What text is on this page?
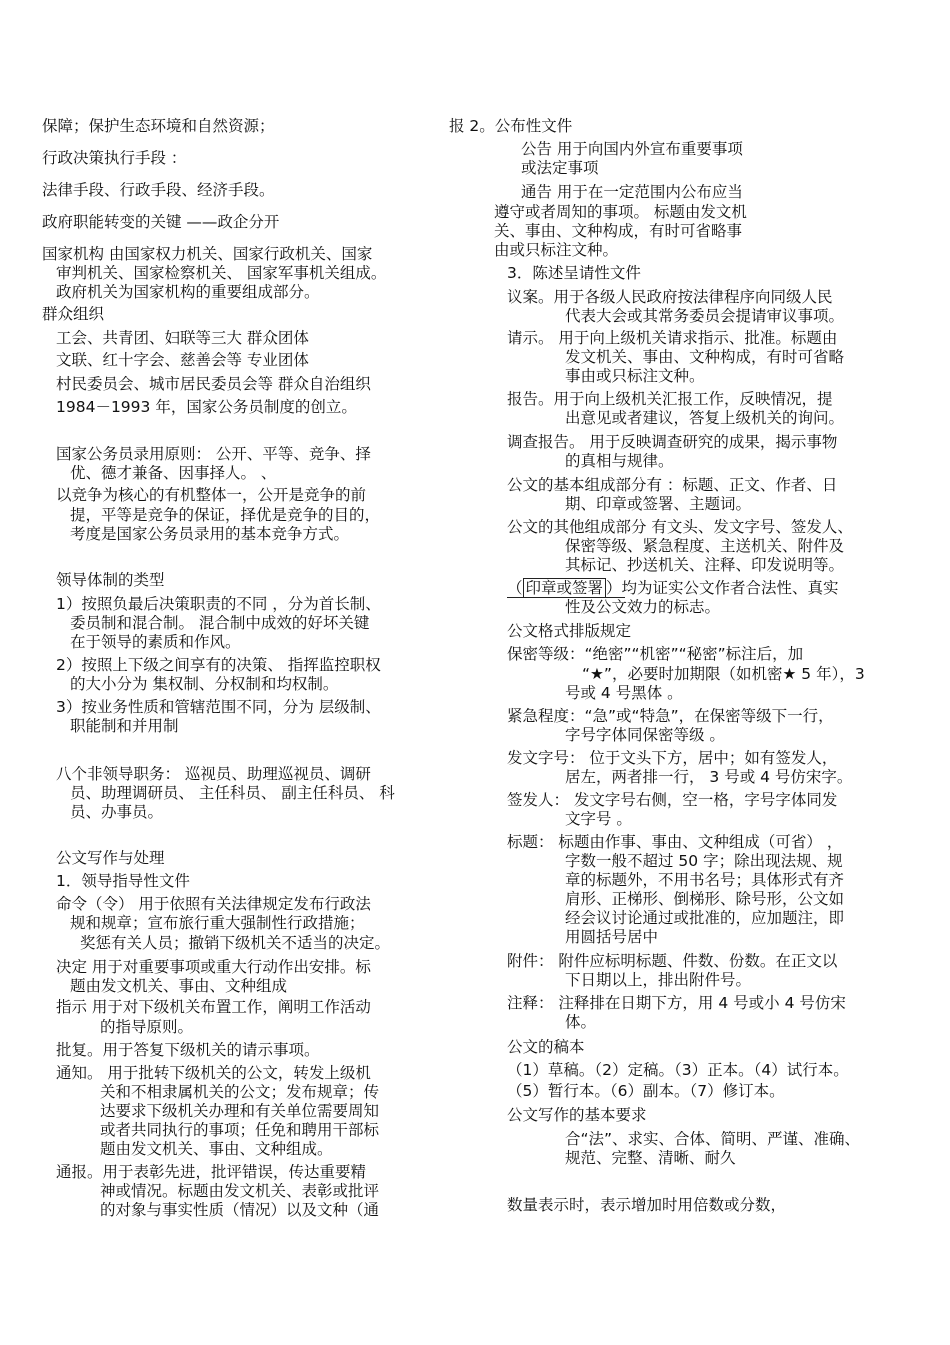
保障；保护生态环境和自然资源；
行政决策执行手段 ：
法律手段、行政手段、经济手段。
政府职能转变的关键 ——政企分开
国家机构 由国家权力机关、国家行政机关、国家
审判机关、国家检察机关、 国家军事机关组成。
政府机关为国家机构的重要组成部分。
群众组织
工会、共青团、妇联等三大 群众团体
文联、红十字会、慈善会等 专业团体
村民委员会、城市居民委员会等 群众自治组织
1984－1993 年，国家公务员制度的创立。
国家公务员录用原则： 公开、平等、竞争、择
优、德才兼备、因事择人。 、
以竞争为核心的有机整体一，公开是竞争的前
提，平等是竞争的保证，择优是竞争的目的，
考度是国家公务员录用的基本竞争方式。
领导体制的类型
1）按照负最后决策职责的不同 ，分为首长制、
委员制和混合制。 混合制中成效的好坏关键
在于领导的素质和作风。
2）按照上下级之间享有的决策、 指挥监控职权
的大小分为 集权制、分权制和均权制。
3）按业务性质和管辖范围不同，分为 层级制、
职能制和并用制
八个非领导职务： 巡视员、助理巡视员、调研
员、助理调研员、 主任科员、 副主任科员、 科
员、办事员。
公文写作与处理
1．领导指导性文件
命令（令） 用于依照有关法律规定发布行政法
规和规章；宣布旅行重大强制性行政措施；
奖惩有关人员；撤销下级机关不适当的决定。
决定 用于对重要事项或重大行动作出安排。标
题由发文机关、事由、文种组成
指示 用于对下级机关布置工作，阐明工作活动
的指导原则。
批复。用于答复下级机关的请示事项。
通知。 用于批转下级机关的公文，转发上级机
关和不相隶属机关的公文；发布规章；传
达要求下级机关办理和有关单位需要周知
或者共同执行的事项；任免和聘用干部标
题由发文机关、事由、文种组成。
通报。用于表彰先进，批评错误，传达重要精
神或情况。标题由发文机关、表彰或批评
的对象与事实性质（情况）以及文种（通
报 2。公布性文件
公告 用于向国内外宣布重要事项
或法定事项
通告 用于在一定范围内公布应当
遵守或者周知的事项。 标题由发文机
关、事由、文种构成，有时可省略事
由或只标注文种。
3．陈述呈请性文件
议案。用于各级人民政府按法律程序向同级人民
代表大会或其常务委员会提请审议事项。
请示。 用于向上级机关请求指示、批准。标题由
发文机关、事由、文种构成，有时可省略
事由或只标注文种。
报告。用于向上级机关汇报工作，反映情况，提
出意见或者建议，答复上级机关的询问。
调查报告。 用于反映调查研究的成果，揭示事物
的真相与规律。
公文的基本组成部分有 ：标题、正文、作者、日
期、印章或签署、主题词。
公文的其他组成部分 有文头、发文字号、签发人、
保密等级、紧急程度、主送机关、附件及
其标记、抄送机关、注释、印发说明等。
（ 印章或签署 ）均为证实公文作者合法性、真实
性及公文效力的标志。
公文格式排版规定
保密等级：“绝密”“机密”“秘密”标注后，加
“★”，必要时加期限（如机密★ 5 年），3
号或 4 号黑体 。
紧急程度：“急”或“特急”，在保密等级下一行，
字号字体同保密等级 。
发文字号： 位于文头下方，居中；如有签发人，
居左，两者排一行， 3 号或 4 号仿宋字。
签发人： 发文字号右侧，空一格，字号字体同发
文字号 。
标题： 标题由作事、事由、文种组成（可省） ，
字数一般不超过 50 字；除出现法规、规
章的标题外，不用书名号；具体形式有齐
肩形、正梯形、倒梯形、除号形，公文如
经会议讨论通过或批准的，应加题注，即
用圆括号居中
附件： 附件应标明标题、件数、份数。在正文以
下日期以上，排出附件号。
注释： 注释排在日期下方，用 4 号或小 4 号仿宋
体。
公文的稿本
（1）草稿。（2）定稿。（3）正本。（4）试行本。
（5）暂行本。（6）副本。（7）修订本。
公文写作的基本要求
合“法”、求实、合体、简明、严谨、准确、
规范、完整、清晰、耐久
数量表示时，表示增加时用倍数或分数，
